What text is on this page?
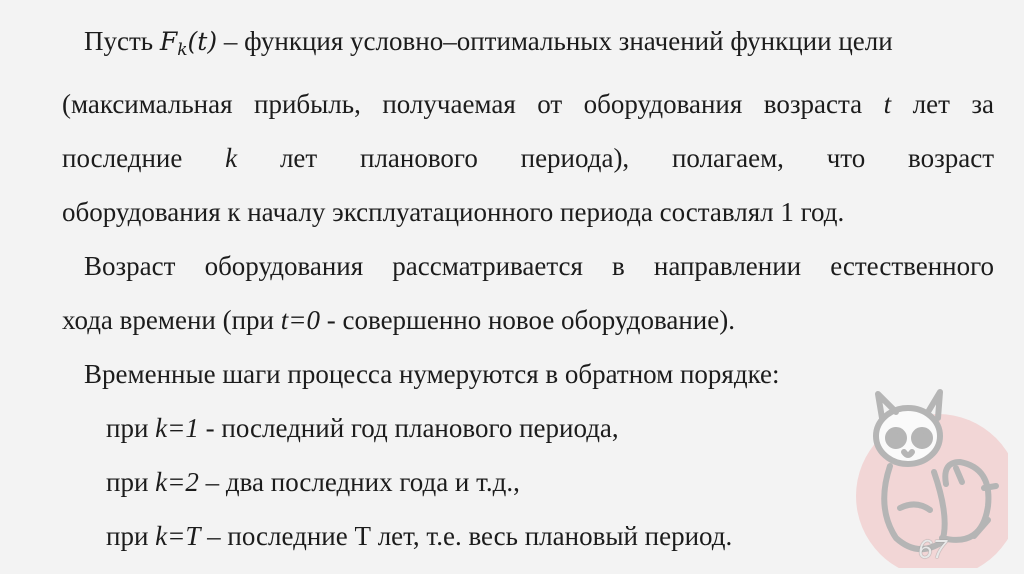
Пусть $F_k(t)$ – функция условно–оптимальных значений функции цели

(максимальная прибыль, получаемая от оборудования возраста t лет за

последние k лет планового периода), полагаем, что возраст

оборудования к началу эксплуатационного периода составлял 1 год.

Возраст оборудования рассматривается в направлении естественного

хода времени (при t=0 - совершенно новое оборудование).

Временные шаги процесса нумеруются в обратном порядке:

при k=1 - последний год планового периода,

при k=2 – два последних года и т.д.,

при k=T – последние Т лет, т.е. весь плановый период.	67
